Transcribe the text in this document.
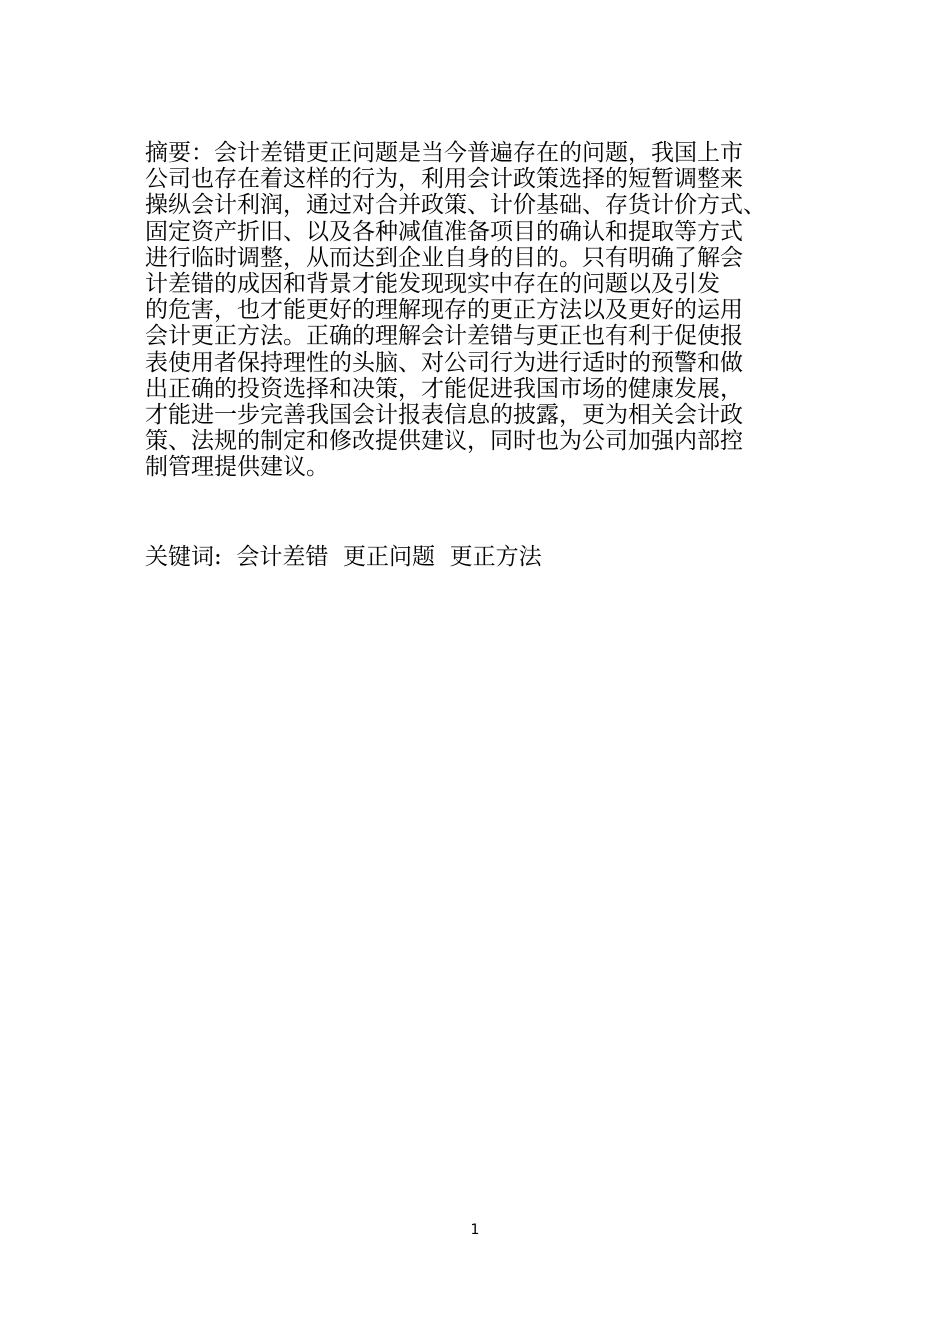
摘要：会计差错更正问题是当今普遍存在的问题，我国上市
公司也存在着这样的行为，利用会计政策选择的短暂调整来
操纵会计利润，通过对合并政策、计价基础、存货计价方式、
固定资产折旧、以及各种减值准备项目的确认和提取等方式
进行临时调整，从而达到企业自身的目的。只有明确了解会
计差错的成因和背景才能发现现实中存在的问题以及引发
的危害，也才能更好的理解现存的更正方法以及更好的运用
会计更正方法。正确的理解会计差错与更正也有利于促使报
表使用者保持理性的头脑、对公司行为进行适时的预警和做
出正确的投资选择和决策，才能促进我国市场的健康发展，
才能进一步完善我国会计报表信息的披露，更为相关会计政
策、法规的制定和修改提供建议，同时也为公司加强内部控
制管理提供建议。
关键词:  会计差错  更正问题  更正方法
1
